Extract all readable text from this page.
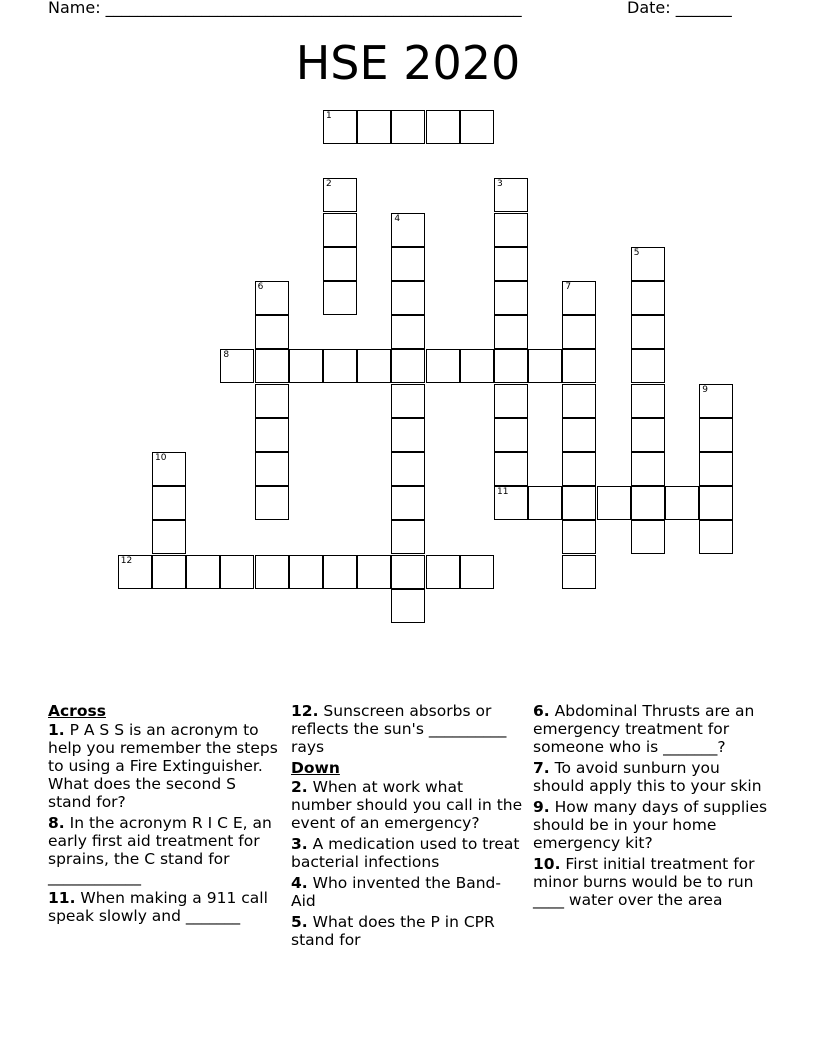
Name: ____________________________________________________	Date: _______
HSE 2020
1
2	3
11
4
5
6	7
8
9
10
12
Across
1. P A S S is an acronym to help you remember the steps to using a Fire Extinguisher. What does the second S stand for?
8. In the acronym R I C E, an early first aid treatment for sprains, the C stand for ____________
11. When making a 911 call speak slowly and _______
12. Sunscreen absorbs or reflects the sun's __________ rays
Down
2. When at work what number should you call in the event of an emergency?
3. A medication used to treat bacterial infections
4. Who invented the Band-Aid
5. What does the P in CPR stand for
6. Abdominal Thrusts are an emergency treatment for someone who is _______?
7. To avoid sunburn you should apply this to your skin
9. How many days of supplies should be in your home emergency kit?
10. First initial treatment for minor burns would be to run ____ water over the area
